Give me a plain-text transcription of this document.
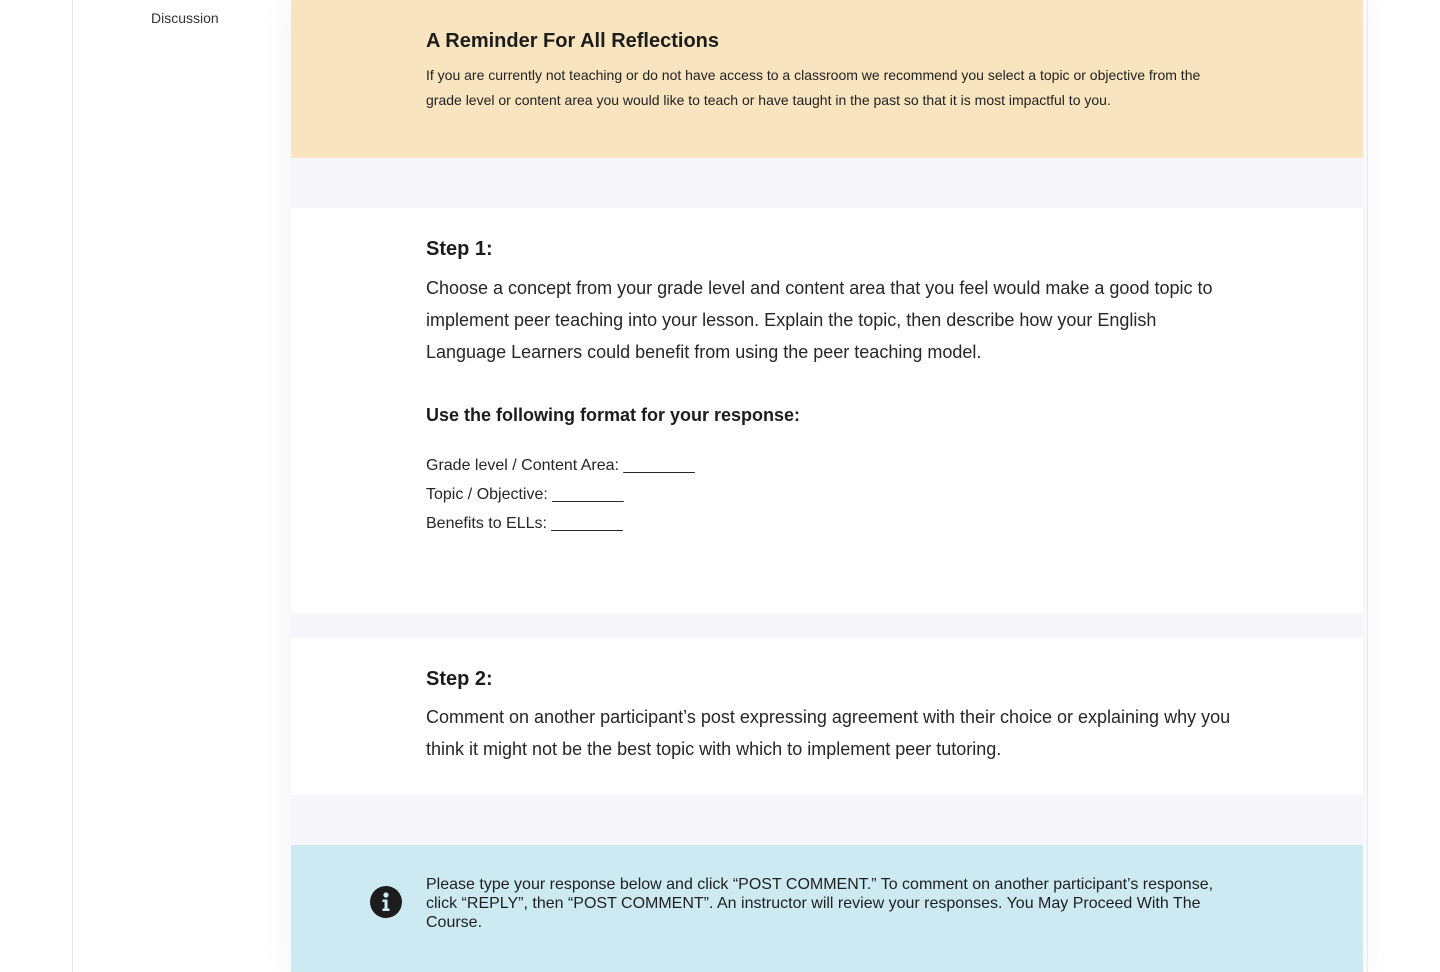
Discussion
A Reminder For All Reflections

If you are currently not teaching or do not have access to a classroom we recommend you select a topic or objective from the grade level or content area you would like to teach or have taught in the past so that it is most impactful to you.

Step 1:

Choose a concept from your grade level and content area that you feel would make a good topic to implement peer teaching into your lesson. Explain the topic, then describe how your English Language Learners could benefit from using the peer teaching model.

Use the following format for your response:
Grade level / Content Area: ________
Topic / Objective: ________
Benefits to ELLs: ________
Step 2:

Comment on another participant’s post expressing agreement with their choice or explaining why you think it might not be the best topic with which to implement peer tutoring.

Please type your response below and click “POST COMMENT.” To comment on another participant’s response, click “REPLY”, then “POST COMMENT”. An instructor will review your responses. You May Proceed With The Course.
